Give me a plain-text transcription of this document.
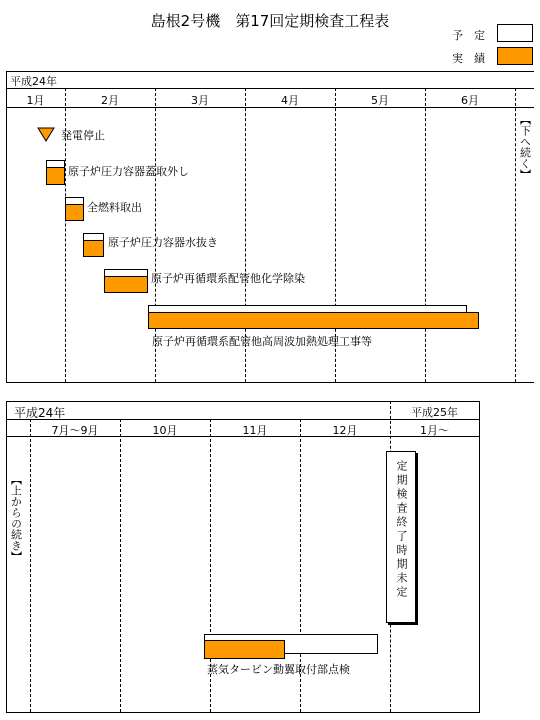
島根2号機　第17回定期検査工程表
予　定
実　績
平成24年
1月	2月	3月	4月	5月	6月
【下へ続く】
発電停止
原子炉圧力容器蓋取外し
全燃料取出
原子炉圧力容器水抜き
原子炉再循環系配管他化学除染
原子炉再循環系配管他高周波加熱処理工事等
平成24年	平成25年
7月～9月	10月	11月	12月	1月～
【上からの続き】	定期検査終了時期未定
蒸気タービン動翼取付部点検
